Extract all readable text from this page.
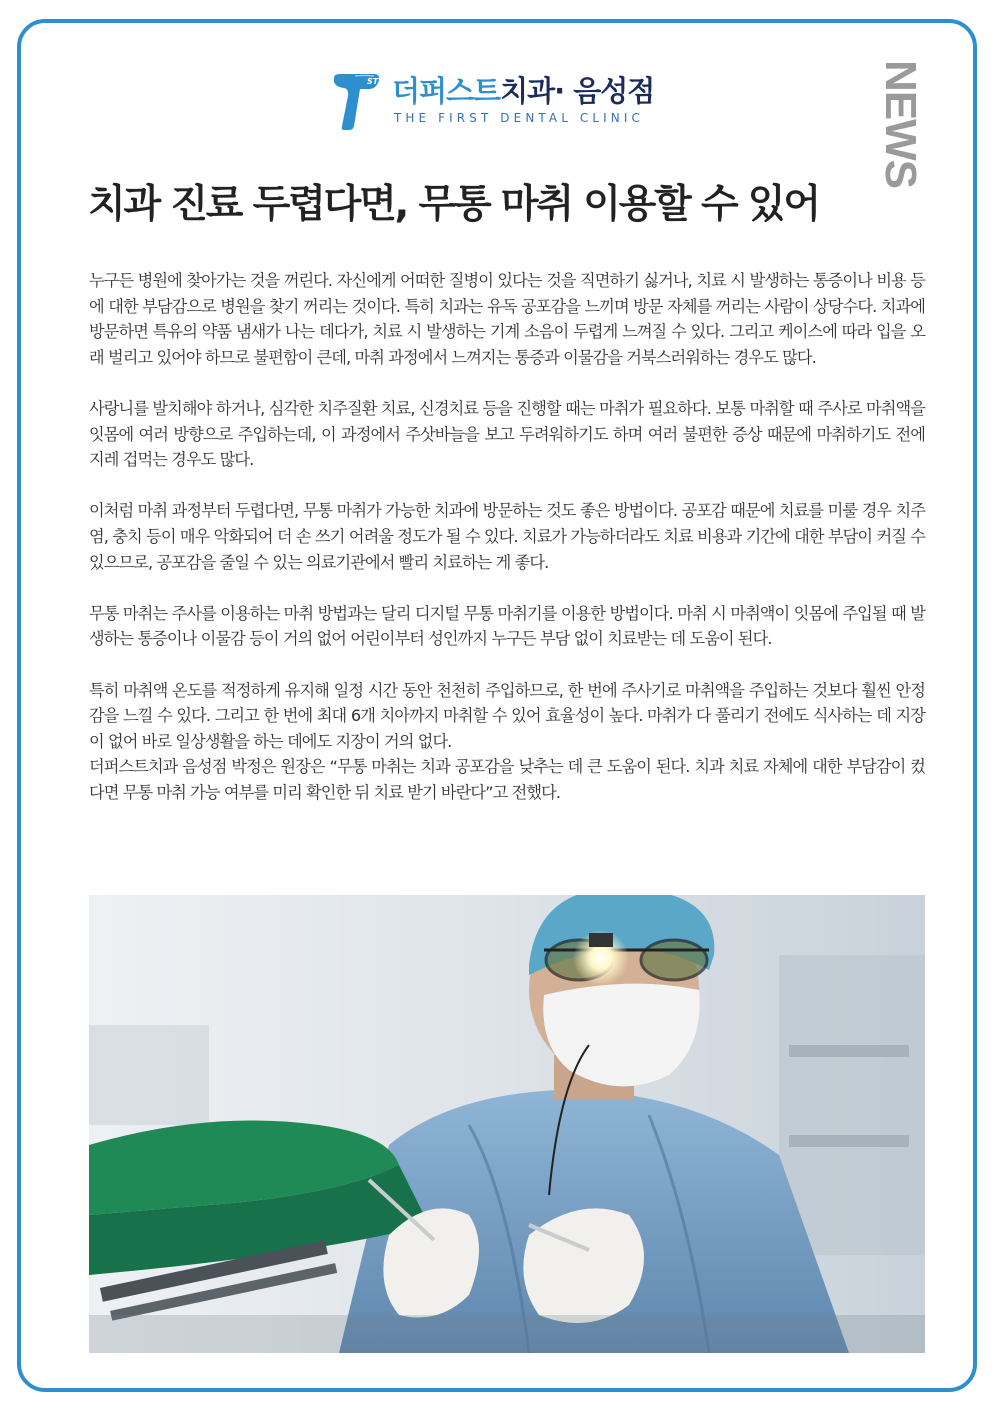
ST 더퍼스트치과· 음성점
THE FIRST DENTAL CLINIC	NEWS
치과 진료 두렵다면, 무통 마취 이용할 수 있어

누구든 병원에 찾아가는 것을 꺼린다. 자신에게 어떠한 질병이 있다는 것을 직면하기 싫거나, 치료 시 발생하는 통증이나 비용 등에 대한 부담감으로 병원을 찾기 꺼리는 것이다. 특히 치과는 유독 공포감을 느끼며 방문 자체를 꺼리는 사람이 상당수다. 치과에 방문하면 특유의 약품 냄새가 나는 데다가, 치료 시 발생하는 기계 소음이 두렵게 느껴질 수 있다. 그리고 케이스에 따라 입을 오래 벌리고 있어야 하므로 불편함이 큰데, 마취 과정에서 느껴지는 통증과 이물감을 거북스러워하는 경우도 많다.

사랑니를 발치해야 하거나, 심각한 치주질환 치료, 신경치료 등을 진행할 때는 마취가 필요하다. 보통 마취할 때 주사로 마취액을 잇몸에 여러 방향으로 주입하는데, 이 과정에서 주삿바늘을 보고 두려워하기도 하며 여러 불편한 증상 때문에 마취하기도 전에 지레 겁먹는 경우도 많다.

이처럼 마취 과정부터 두렵다면, 무통 마취가 가능한 치과에 방문하는 것도 좋은 방법이다. 공포감 때문에 치료를 미룰 경우 치주염, 충치 등이 매우 악화되어 더 손 쓰기 어려울 정도가 될 수 있다. 치료가 가능하더라도 치료 비용과 기간에 대한 부담이 커질 수 있으므로, 공포감을 줄일 수 있는 의료기관에서 빨리 치료하는 게 좋다.

무통 마취는 주사를 이용하는 마취 방법과는 달리 디지털 무통 마취기를 이용한 방법이다. 마취 시 마취액이 잇몸에 주입될 때 발생하는 통증이나 이물감 등이 거의 없어 어린이부터 성인까지 누구든 부담 없이 치료받는 데 도움이 된다.

특히 마취액 온도를 적정하게 유지해 일정 시간 동안 천천히 주입하므로, 한 번에 주사기로 마취액을 주입하는 것보다 훨씬 안정감을 느낄 수 있다. 그리고 한 번에 최대 6개 치아까지 마취할 수 있어 효율성이 높다. 마취가 다 풀리기 전에도 식사하는 데 지장이 없어 바로 일상생활을 하는 데에도 지장이 거의 없다.

더퍼스트치과 음성점 박정은 원장은 “무통 마취는 치과 공포감을 낮추는 데 큰 도움이 된다. 치과 치료 자체에 대한 부담감이 컸다면 무통 마취 가능 여부를 미리 확인한 뒤 치료 받기 바란다”고 전했다.
